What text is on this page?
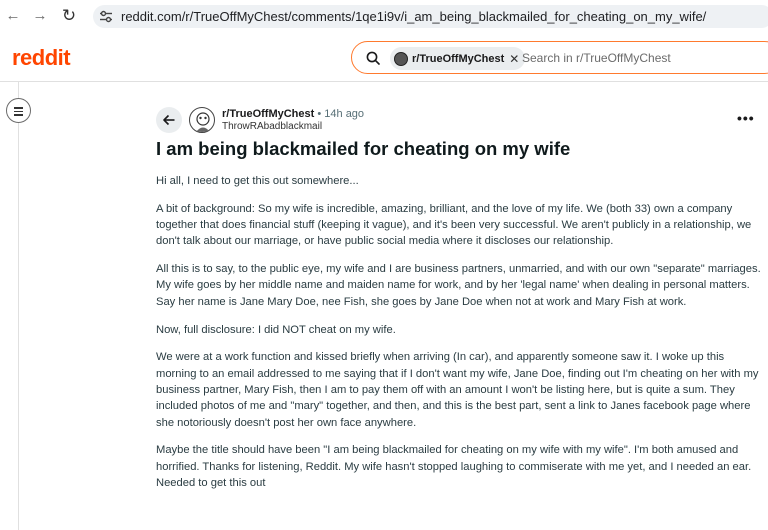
← → ↻	reddit.com/r/TrueOffMyChest/comments/1qe1i9v/i_am_being_blackmailed_for_cheating_on_my_wife/
reddit	r/TrueOffMyChest ✕ Search in r/TrueOffMyChest
r/TrueOffMyChest • 14h ago
ThrowRAbadblackmail
•••
I am being blackmailed for cheating on my wife

Hi all, I need to get this out somewhere...

A bit of background: So my wife is incredible, amazing, brilliant, and the love of my life. We (both 33) own a company together that does financial stuff (keeping it vague), and it's been very successful. We aren't publicly in a relationship, we don't talk about our marriage, or have public social media where it discloses our relationship.

All this is to say, to the public eye, my wife and I are business partners, unmarried, and with our own "separate" marriages. My wife goes by her middle name and maiden name for work, and by her 'legal name' when dealing in personal matters. Say her name is Jane Mary Doe, nee Fish, she goes by Jane Doe when not at work and Mary Fish at work.

Now, full disclosure: I did NOT cheat on my wife.

We were at a work function and kissed briefly when arriving (In car), and apparently someone saw it. I woke up this morning to an email addressed to me saying that if I don't want my wife, Jane Doe, finding out I'm cheating on her with my business partner, Mary Fish, then I am to pay them off with an amount I won't be listing here, but is quite a sum. They included photos of me and "mary" together, and then, and this is the best part, sent a link to Janes facebook page where she notoriously doesn't post her own face anywhere.

Maybe the title should have been "I am being blackmailed for cheating on my wife with my wife". I'm both amused and horrified. Thanks for listening, Reddit. My wife hasn't stopped laughing to commiserate with me yet, and I needed an ear. Needed to get this out
